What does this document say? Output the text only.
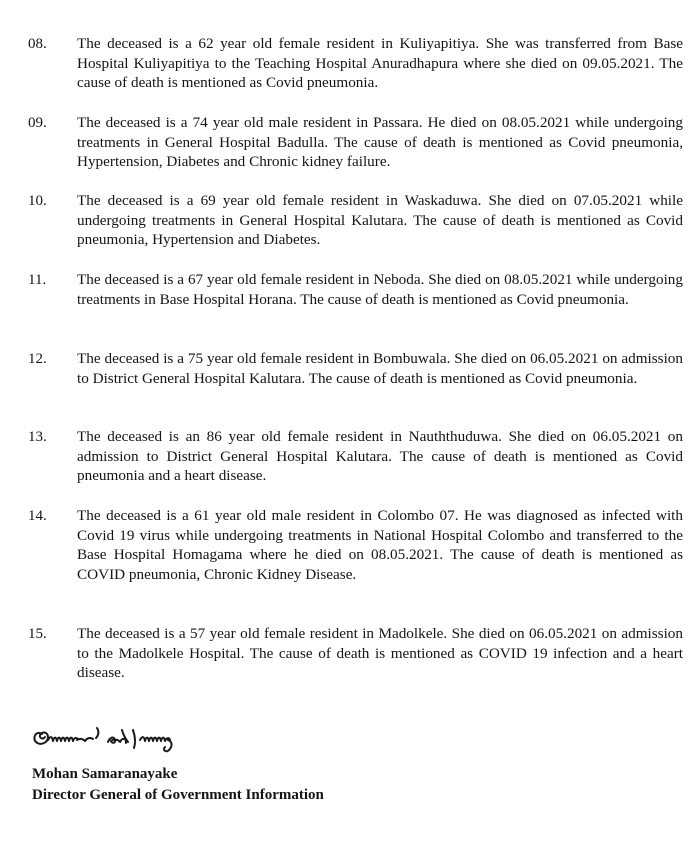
08. The deceased is a 62 year old female resident in Kuliyapitiya. She was transferred from Base Hospital Kuliyapitiya to the Teaching Hospital Anuradhapura where she died on 09.05.2021. The cause of death is mentioned as Covid pneumonia.

09. The deceased is a 74 year old male resident in Passara. He died on 08.05.2021 while undergoing treatments in General Hospital Badulla. The cause of death is mentioned as Covid pneumonia, Hypertension, Diabetes and Chronic kidney failure.

10. The deceased is a 69 year old female resident in Waskaduwa. She died on 07.05.2021 while undergoing treatments in General Hospital Kalutara. The cause of death is mentioned as Covid pneumonia, Hypertension and Diabetes.

11. The deceased is a 67 year old female resident in Neboda. She died on 08.05.2021 while undergoing treatments in Base Hospital Horana. The cause of death is mentioned as Covid pneumonia.

12. The deceased is a 75 year old female resident in Bombuwala. She died on 06.05.2021 on admission to District General Hospital Kalutara. The cause of death is mentioned as Covid pneumonia.

13. The deceased is an 86 year old female resident in Nauththuduwa. She died on 06.05.2021 on admission to District General Hospital Kalutara. The cause of death is mentioned as Covid pneumonia and a heart disease.

14. The deceased is a 61 year old male resident in Colombo 07. He was diagnosed as infected with Covid 19 virus while undergoing treatments in National Hospital Colombo and transferred to the Base Hospital Homagama where he died on 08.05.2021. The cause of death is mentioned as COVID pneumonia, Chronic Kidney Disease.

15. The deceased is a 57 year old female resident in Madolkele. She died on 06.05.2021 on admission to the Madolkele Hospital. The cause of death is mentioned as COVID 19 infection and a heart disease.

Mohan Samaranayake
Director General of Government Information
